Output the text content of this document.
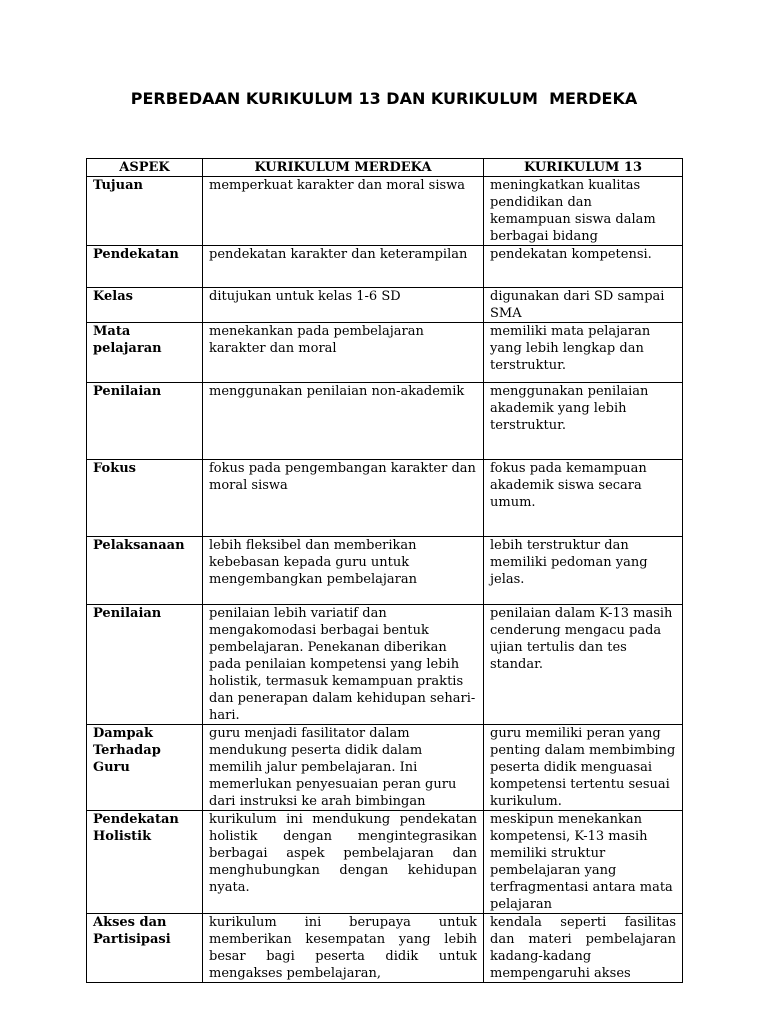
PERBEDAAN KURIKULUM 13 DAN KURIKULUM  MERDEKA
ASPEK	KURIKULUM MERDEKA	KURIKULUM 13
Tujuan	memperkuat karakter dan moral siswa	meningkatkan kualitas pendidikan dan kemampuan siswa dalam berbagai bidang
Pendekatan	pendekatan karakter dan keterampilan	pendekatan kompetensi.
Kelas	ditujukan untuk kelas 1-6 SD	digunakan dari SD sampai SMA
Mata pelajaran	menekankan pada pembelajaran karakter dan moral	memiliki mata pelajaran yang lebih lengkap dan terstruktur.
Penilaian	menggunakan penilaian non-akademik	menggunakan penilaian akademik yang lebih terstruktur.
Fokus	fokus pada pengembangan karakter dan moral siswa	fokus pada kemampuan akademik siswa secara umum.
Pelaksanaan	lebih fleksibel dan memberikan kebebasan kepada guru untuk mengembangkan pembelajaran	lebih terstruktur dan memiliki pedoman yang jelas.
Penilaian	penilaian lebih variatif dan mengakomodasi berbagai bentuk pembelajaran. Penekanan diberikan pada penilaian kompetensi yang lebih holistik, termasuk kemampuan praktis dan penerapan dalam kehidupan sehari-hari.	penilaian dalam K-13 masih cenderung mengacu pada ujian tertulis dan tes standar.
Dampak Terhadap Guru	guru menjadi fasilitator dalam mendukung peserta didik dalam memilih jalur pembelajaran. Ini memerlukan penyesuaian peran guru dari instruksi ke arah bimbingan	guru memiliki peran yang penting dalam membimbing peserta didik menguasai kompetensi tertentu sesuai kurikulum.
Pendekatan Holistik	kurikulum ini mendukung pendekatan holistik dengan mengintegrasikan berbagai aspek pembelajaran dan menghubungkan dengan kehidupan nyata.	meskipun menekankan kompetensi, K-13 masih memiliki struktur pembelajaran yang terfragmentasi antara mata pelajaran
Akses dan Partisipasi	kurikulum ini berupaya untuk memberikan kesempatan yang lebih besar bagi peserta didik untuk mengakses pembelajaran,	kendala seperti fasilitas dan materi pembelajaran kadang-kadang mempengaruhi akses
